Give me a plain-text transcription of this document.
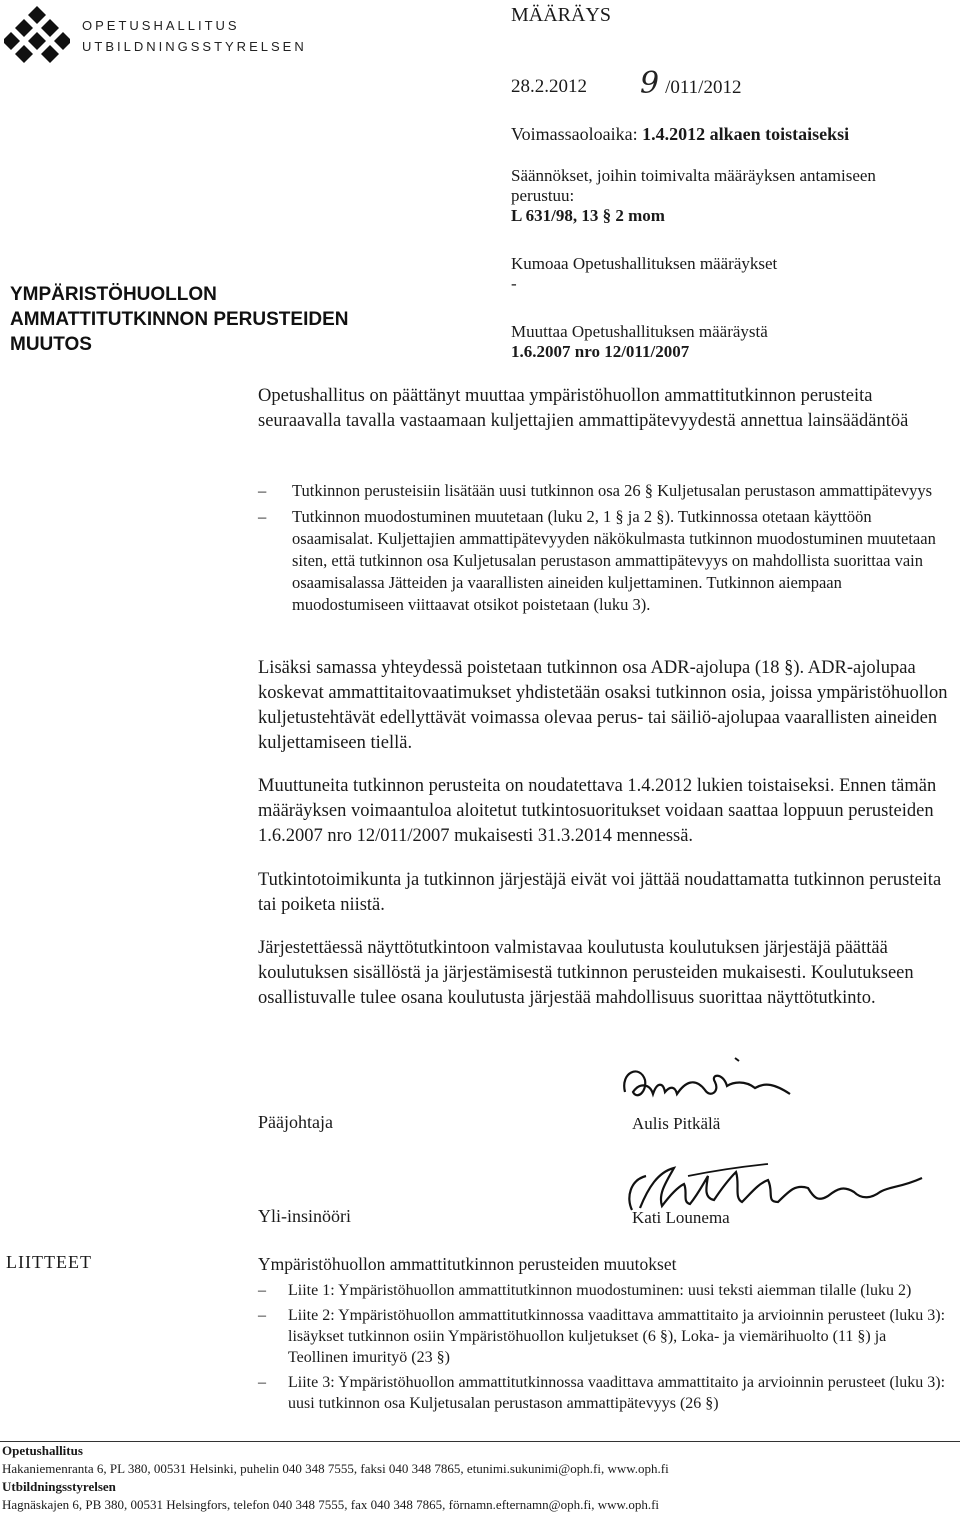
OPETUSHALLITUS
UTBILDNINGSSTYRELSEN
MÄÄRÄYS
28.2.2012 9 /011/2012
Voimassaoloaika: 1.4.2012 alkaen toistaiseksi
Säännökset, joihin toimivalta määräyksen antamiseen perustuu:
L 631/98, 13 § 2 mom
Kumoaa Opetushallituksen määräykset
-
Muuttaa Opetushallituksen määräystä
1.6.2007 nro 12/011/2007
YMPÄRISTÖHUOLLON
AMMATTITUTKINNON PERUSTEIDEN
MUUTOS
Opetushallitus on päättänyt muuttaa ympäristöhuollon ammattitutkinnon perusteita seuraavalla tavalla vastaamaan kuljettajien ammattipätevyydestä annettua lainsäädäntöä
– Tutkinnon perusteisiin lisätään uusi tutkinnon osa 26 § Kuljetusalan perustason ammattipätevyys
– Tutkinnon muodostuminen muutetaan (luku 2, 1 § ja 2 §). Tutkinnossa otetaan käyttöön osaamisalat. Kuljettajien ammattipätevyyden näkökulmasta tutkinnon muodostuminen muutetaan siten, että tutkinnon osa Kuljetusalan perustason ammattipätevyys on mahdollista suorittaa vain osaamisalassa Jätteiden ja vaarallisten aineiden kuljettaminen. Tutkinnon aiempaan muodostumiseen viittaavat otsikot poistetaan (luku 3).
Lisäksi samassa yhteydessä poistetaan tutkinnon osa ADR-ajolupa (18 §). ADR-ajolupaa koskevat ammattitaitovaatimukset yhdistetään osaksi tutkinnon osia, joissa ympäristöhuollon kuljetustehtävät edellyttävät voimassa olevaa perus- tai säiliö-ajolupaa vaarallisten aineiden kuljettamiseen tiellä.
Muuttuneita tutkinnon perusteita on noudatettava 1.4.2012 lukien toistaiseksi. Ennen tämän määräyksen voimaantuloa aloitetut tutkintosuoritukset voidaan saattaa loppuun perusteiden 1.6.2007 nro 12/011/2007 mukaisesti 31.3.2014 mennessä.
Tutkintotoimikunta ja tutkinnon järjestäjä eivät voi jättää noudattamatta tutkinnon perusteita tai poiketa niistä.
Järjestettäessä näyttötutkintoon valmistavaa koulutusta koulutuksen järjestäjä päättää koulutuksen sisällöstä ja järjestämisestä tutkinnon perusteiden mukaisesti. Koulutukseen osallistuvalle tulee osana koulutusta järjestää mahdollisuus suorittaa näyttötutkinto.
Pääjohtaja	Aulis Pitkälä
Yli-insinööri	Kati Lounema
LIITTEET	Ympäristöhuollon ammattitutkinnon perusteiden muutokset
– Liite 1: Ympäristöhuollon ammattitutkinnon muodostuminen: uusi teksti aiemman tilalle (luku 2)
– Liite 2: Ympäristöhuollon ammattitutkinnossa vaadittava ammattitaito ja arvioinnin perusteet (luku 3): lisäykset tutkinnon osiin Ympäristöhuollon kuljetukset (6 §), Loka- ja viemärihuolto (11 §) ja Teollinen imurityö (23 §)
– Liite 3: Ympäristöhuollon ammattitutkinnossa vaadittava ammattitaito ja arvioinnin perusteet (luku 3): uusi tutkinnon osa Kuljetusalan perustason ammattipätevyys (26 §)
Opetushallitus
Hakaniemenranta 6, PL 380, 00531 Helsinki, puhelin 040 348 7555, faksi 040 348 7865, etunimi.sukunimi@oph.fi, www.oph.fi
Utbildningsstyrelsen
Hagnäskajen 6, PB 380, 00531 Helsingfors, telefon 040 348 7555, fax 040 348 7865, förnamn.efternamn@oph.fi, www.oph.fi
